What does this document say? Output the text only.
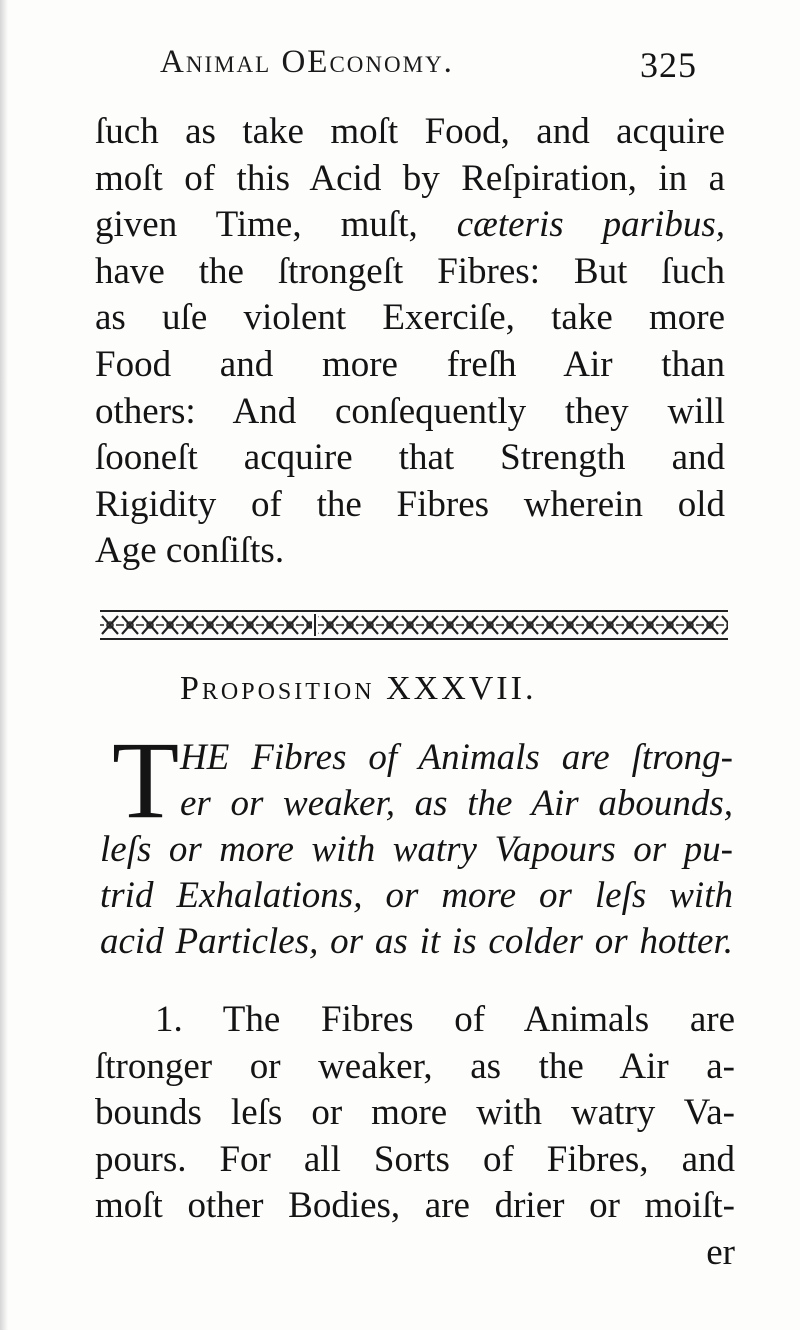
Animal OEconomy.	325
ſuch as take moſt Food, and acquire
moſt of this Acid by Reſpiration, in a
given Time, muſt, cæteris paribus,
have the ſtrongeſt Fibres: But ſuch
as uſe violent Exerciſe, take more
Food and more freſh Air than
others: And conſequently they will
ſooneſt acquire that Strength and
Rigidity of the Fibres wherein old
Age conſiſts.
Proposition XXXVII.
T HE Fibres of Animals are ſtrong-
er or weaker, as the Air abounds,
leſs or more with watry Vapours or pu-
trid Exhalations, or more or leſs with
acid Particles, or as it is colder or hotter.
1. The Fibres of Animals are
ſtronger or weaker, as the Air a-
bounds leſs or more with watry Va-
pours. For all Sorts of Fibres, and
moſt other Bodies, are drier or moiſt-
er
